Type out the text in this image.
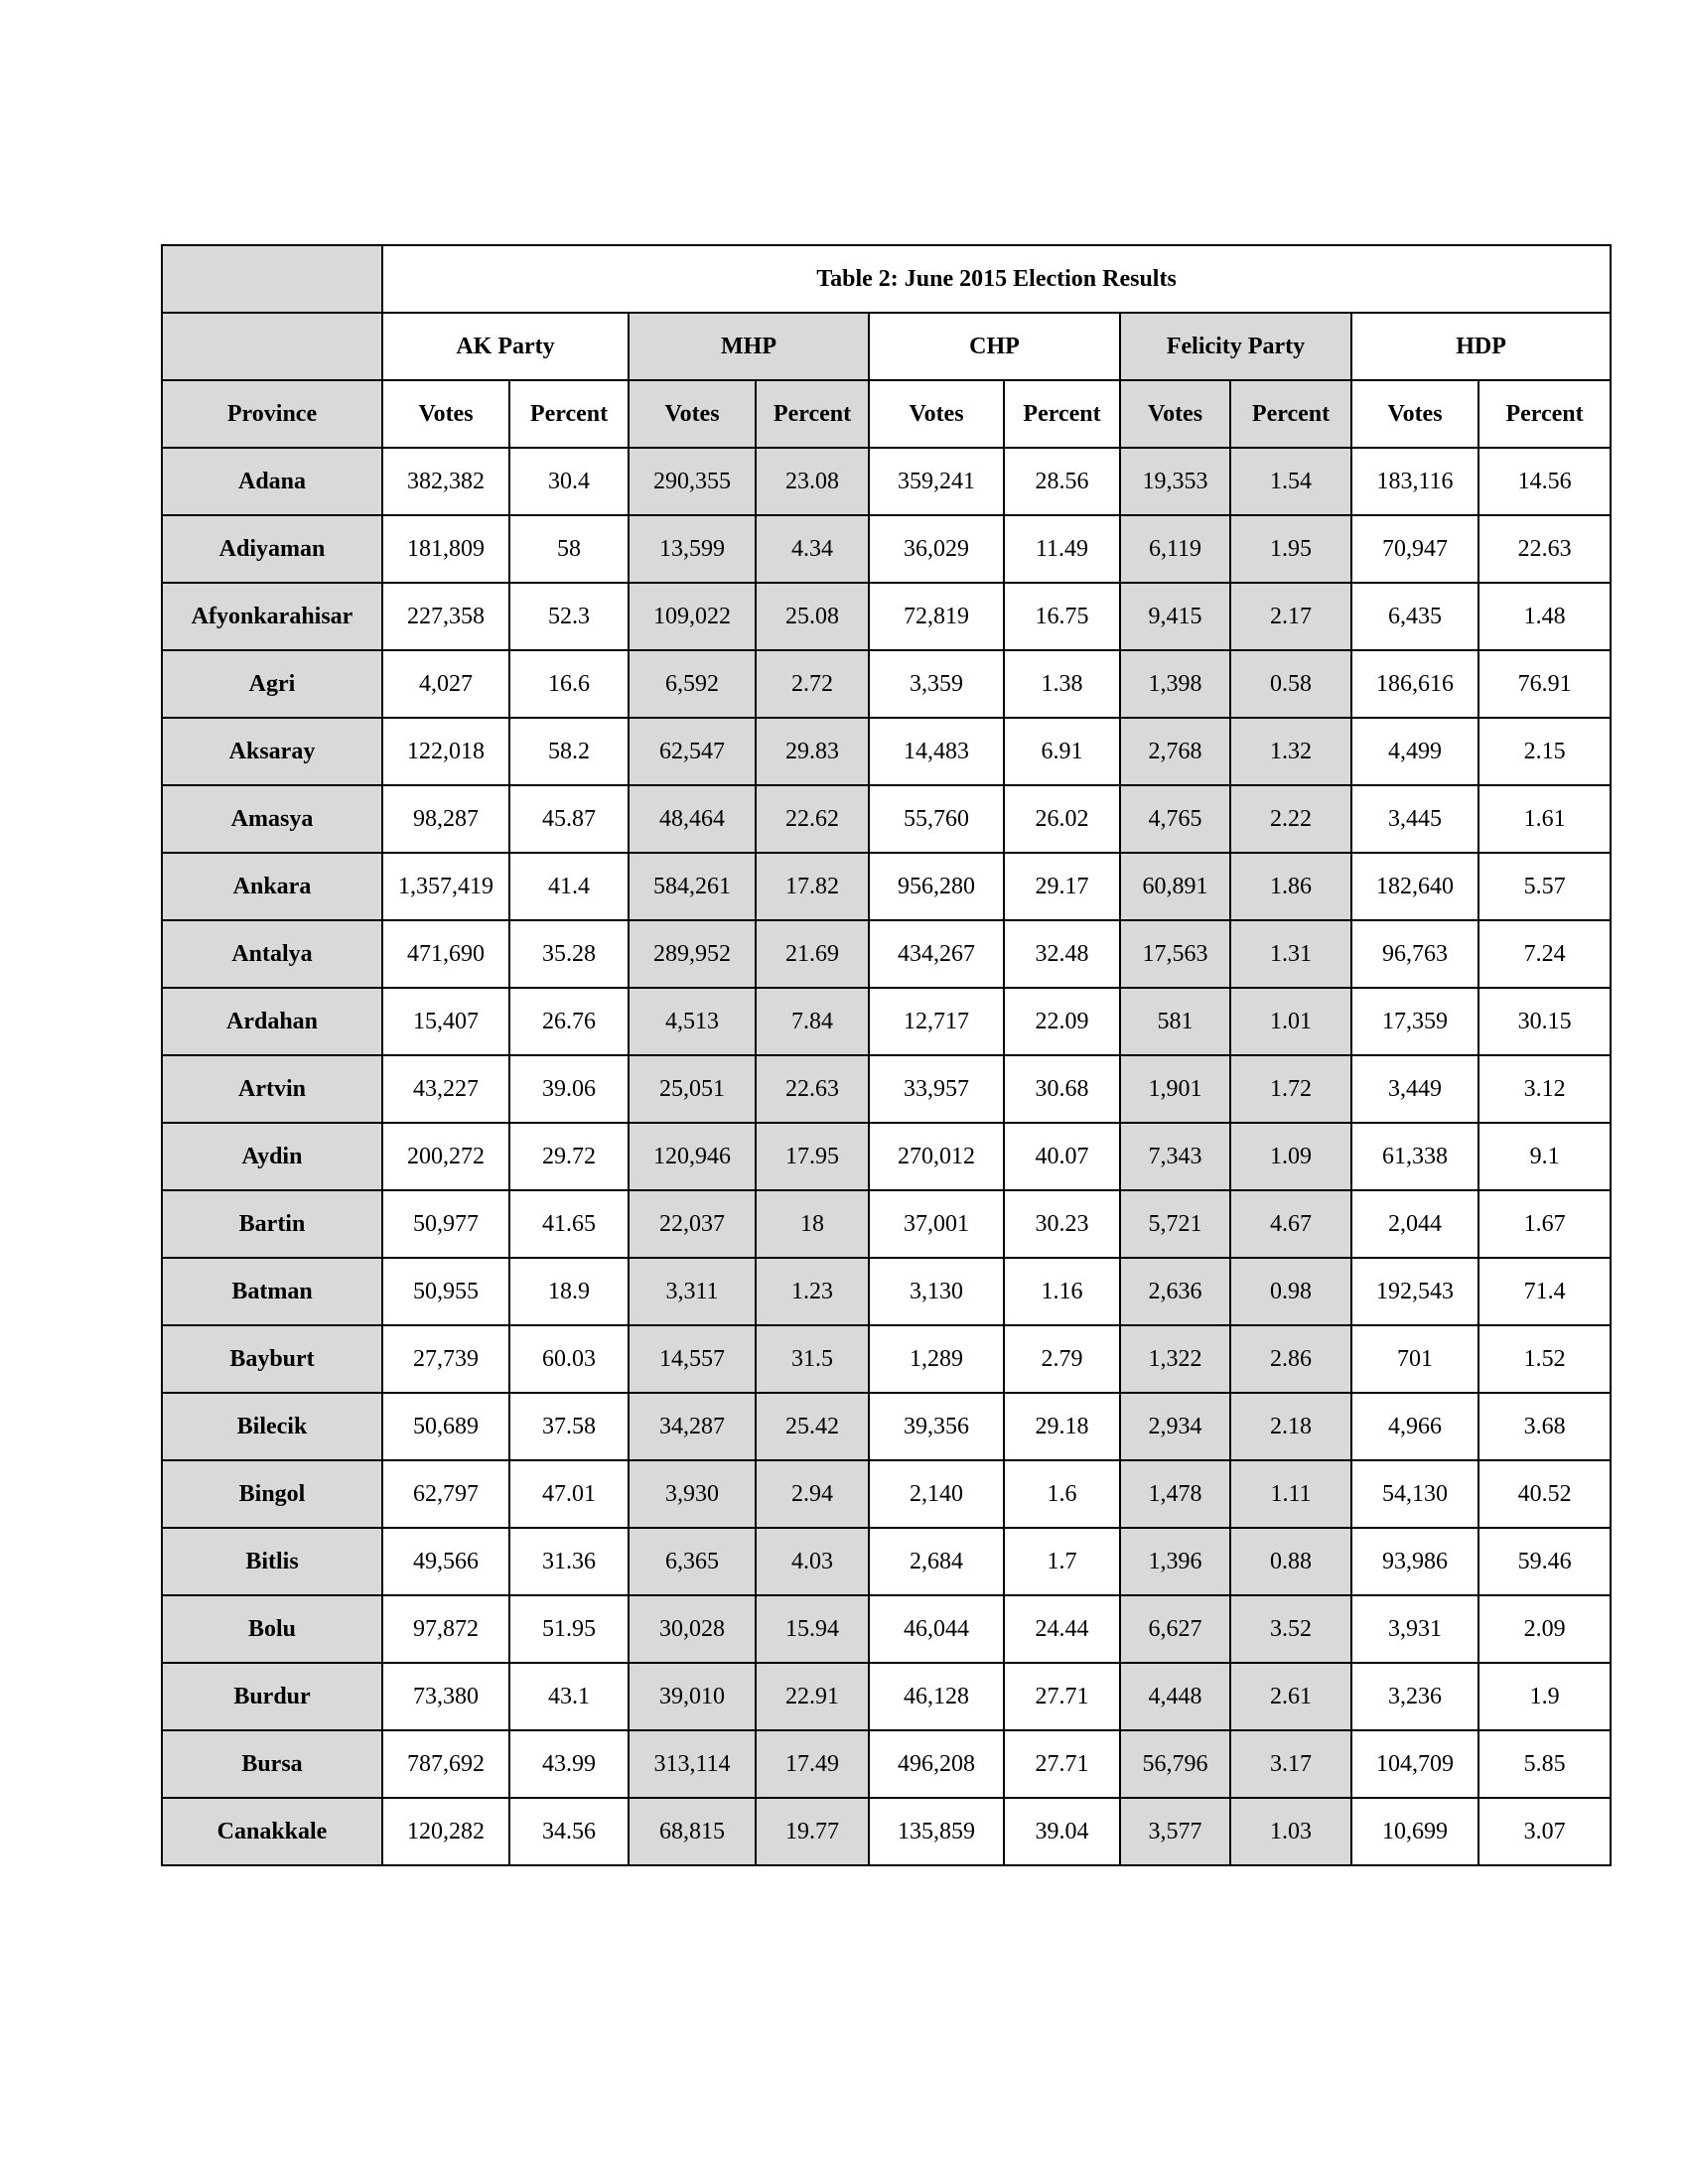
	Table 2: June 2015 Election Results									
	AK Party		MHP		CHP		Felicity Party		HDP	
Province	Votes	Percent	Votes	Percent	Votes	Percent	Votes	Percent	Votes	Percent
Adana	382,382	30.4	290,355	23.08	359,241	28.56	19,353	1.54	183,116	14.56
Adiyaman	181,809	58	13,599	4.34	36,029	11.49	6,119	1.95	70,947	22.63
Afyonkarahisar	227,358	52.3	109,022	25.08	72,819	16.75	9,415	2.17	6,435	1.48
Agri	4,027	16.6	6,592	2.72	3,359	1.38	1,398	0.58	186,616	76.91
Aksaray	122,018	58.2	62,547	29.83	14,483	6.91	2,768	1.32	4,499	2.15
Amasya	98,287	45.87	48,464	22.62	55,760	26.02	4,765	2.22	3,445	1.61
Ankara	1,357,419	41.4	584,261	17.82	956,280	29.17	60,891	1.86	182,640	5.57
Antalya	471,690	35.28	289,952	21.69	434,267	32.48	17,563	1.31	96,763	7.24
Ardahan	15,407	26.76	4,513	7.84	12,717	22.09	581	1.01	17,359	30.15
Artvin	43,227	39.06	25,051	22.63	33,957	30.68	1,901	1.72	3,449	3.12
Aydin	200,272	29.72	120,946	17.95	270,012	40.07	7,343	1.09	61,338	9.1
Bartin	50,977	41.65	22,037	18	37,001	30.23	5,721	4.67	2,044	1.67
Batman	50,955	18.9	3,311	1.23	3,130	1.16	2,636	0.98	192,543	71.4
Bayburt	27,739	60.03	14,557	31.5	1,289	2.79	1,322	2.86	701	1.52
Bilecik	50,689	37.58	34,287	25.42	39,356	29.18	2,934	2.18	4,966	3.68
Bingol	62,797	47.01	3,930	2.94	2,140	1.6	1,478	1.11	54,130	40.52
Bitlis	49,566	31.36	6,365	4.03	2,684	1.7	1,396	0.88	93,986	59.46
Bolu	97,872	51.95	30,028	15.94	46,044	24.44	6,627	3.52	3,931	2.09
Burdur	73,380	43.1	39,010	22.91	46,128	27.71	4,448	2.61	3,236	1.9
Bursa	787,692	43.99	313,114	17.49	496,208	27.71	56,796	3.17	104,709	5.85
Canakkale	120,282	34.56	68,815	19.77	135,859	39.04	3,577	1.03	10,699	3.07
